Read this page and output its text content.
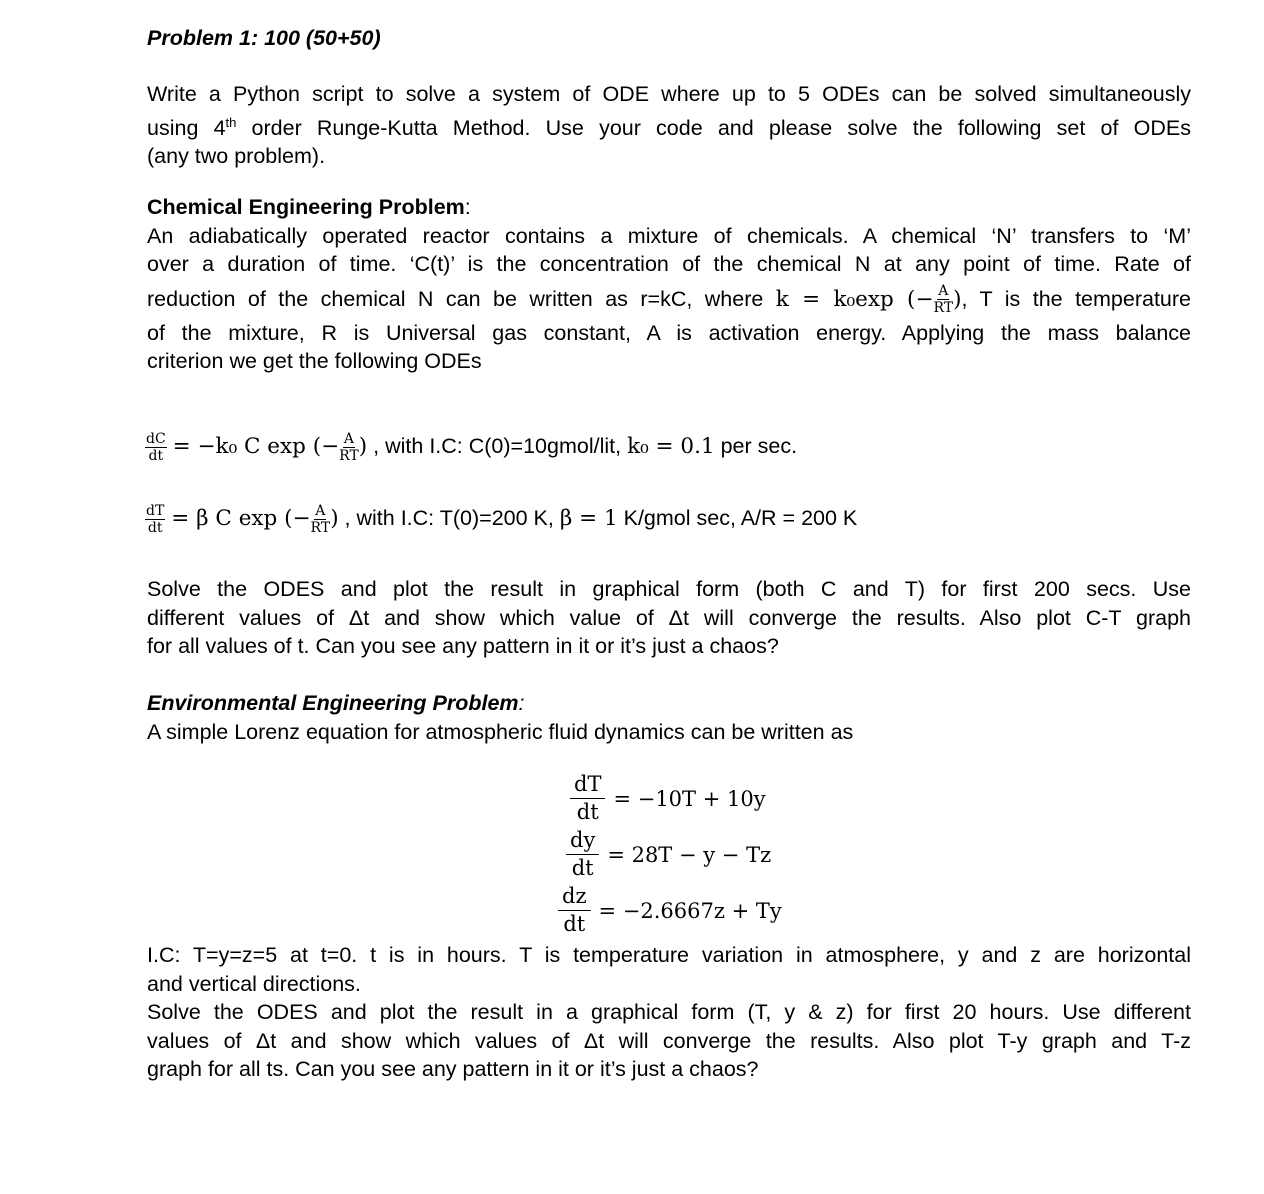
Problem 1: 100 (50+50)
Write a Python script to solve a system of ODE where up to 5 ODEs can be solved simultaneously
using 4th order Runge-Kutta Method. Use your code and please solve the following set of ODEs
(any two problem).
Chemical Engineering Problem:
An adiabatically operated reactor contains a mixture of chemicals. A chemical ‘N’ transfers to ‘M’
over a duration of time. ‘C(t)’ is the concentration of the chemical N at any point of time. Rate of
reduction of the chemical N can be written as r=kC, where k = k₀exp (− $\frac{A}{RT}$ ), T is the temperature
of the mixture, R is Universal gas constant, A is activation energy. Applying the mass balance
criterion we get the following ODEs
$\frac{dC}{dt} = -k_0$ C exp (− $\frac{A}{RT}$ ) , with I.C: C(0)=10gmol/lit, k₀ = 0.1 per sec.
$\frac{dT}{dt} = \beta$ C exp (− $\frac{A}{RT}$ ) , with I.C: T(0)=200 K, β = 1 K/gmol sec, A/R = 200 K
Solve the ODES and plot the result in graphical form (both C and T) for first 200 secs. Use
different values of Δt and show which value of Δt will converge the results. Also plot C-T graph
for all values of t. Can you see any pattern in it or it’s just a chaos?
Environmental Engineering Problem:
A simple Lorenz equation for atmospheric fluid dynamics can be written as
$\frac{dT}{dt} = -10T + 10y$
$\frac{dy}{dt} = 28T - y - Tz$
$\frac{dz}{dt} = -2.6667z + Ty$
I.C: T=y=z=5 at t=0. t is in hours. T is temperature variation in atmosphere, y and z are horizontal
and vertical directions.
Solve the ODES and plot the result in a graphical form (T, y & z) for first 20 hours. Use different
values of Δt and show which values of Δt will converge the results. Also plot T-y graph and T-z
graph for all ts. Can you see any pattern in it or it’s just a chaos?
